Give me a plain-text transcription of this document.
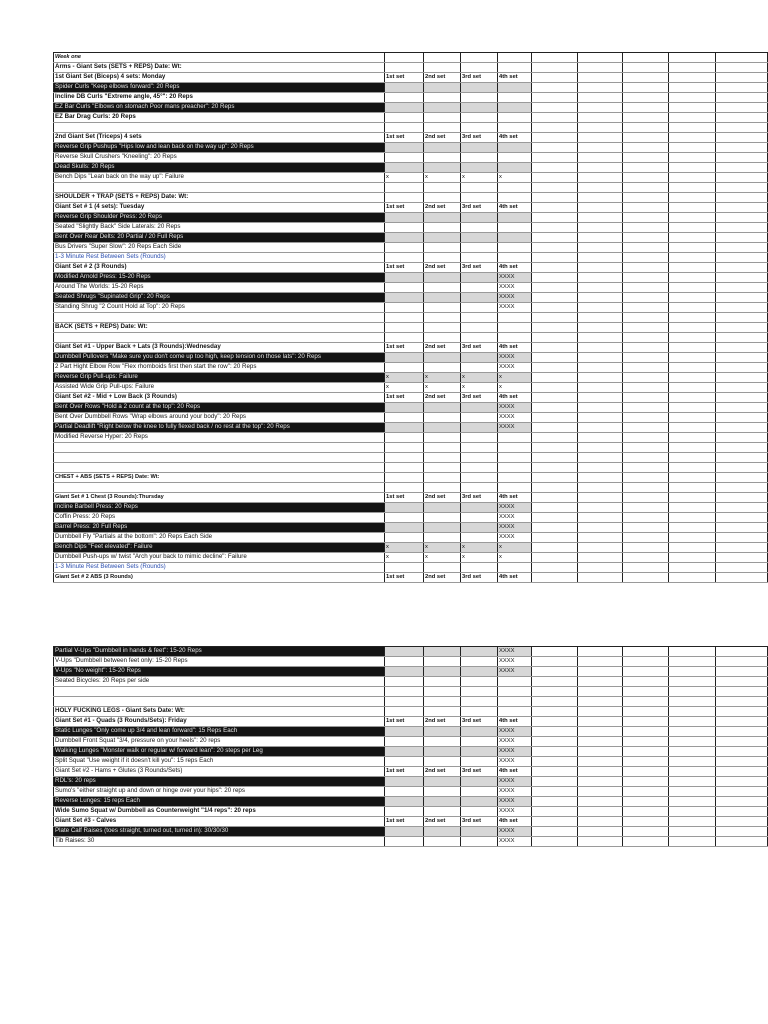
Week one									
Arms - Giant Sets (SETS + REPS) Date: Wt:									
1st Giant Set (Biceps) 4 sets: Monday	1st set	2nd set	3rd set	4th set					
Spider Curls "Keep elbows forward": 20 Reps									
Incline DB Curls "Extreme angle, 45°": 20 Reps									
EZ Bar Curls "Elbows on stomach Poor mans preacher": 20 Reps									
EZ Bar Drag Curls: 20 Reps									

2nd Giant Set (Triceps) 4 sets	1st set	2nd set	3rd set	4th set					
Reverse Grip Pushups "Hips low and lean back on the way up": 20 Reps									
Reverse Skull Crushers "Kneeling": 20 Reps									
Dead Skulls: 20 Reps									
Bench Dips "Lean back on the way up": Failure	x	x	x	x					

SHOULDER + TRAP (SETS + REPS) Date: Wt:									
Giant Set # 1 (4 sets): Tuesday	1st set	2nd set	3rd set	4th set					
Reverse Grip Shoulder Press: 20 Reps									
Seated "Slightly Back" Side Laterals: 20 Reps									
Bent Over Rear Delts: 20 Partial / 20 Full Reps									
Bus Drivers "Super Slow": 20 Reps Each Side									
1-3 Minute Rest Between Sets (Rounds)									
Giant Set # 2 (3 Rounds)	1st set	2nd set	3rd set	4th set					
Modified Arnold Press: 15-20 Reps				XXXX					
Around The Worlds: 15-20 Reps				XXXX					
Seated Shrugs "Supinated Grip": 20 Reps				XXXX					
Standing Shrug "2 Count Hold at Top": 20 Reps				XXXX					

BACK (SETS + REPS) Date: Wt:									

Giant Set #1 - Upper Back + Lats (3 Rounds):Wednesday	1st set	2nd set	3rd set	4th set					
Dumbbell Pullovers "Make sure you don't come up too high, keep tension on those lats": 20 Reps				XXXX					
2 Part Hight Elbow Row "Flex rhomboids first then start the row": 20 Reps				XXXX					
Reverse Grip Pull-ups: Failure	x	x	x	x					
Assisted Wide Grip Pull-ups: Failure	x	x	x	x					
Giant Set #2 - Mid + Low Back (3 Rounds)	1st set	2nd set	3rd set	4th set					
Bent Over Rows "Hold a 2 count at the top": 20 Reps				XXXX					
Bent Over Dumbbell Rows "Wrap elbows around your body": 20 Reps				XXXX					
Partial Deadlift "Right below the knee to fully flexed back / no rest at the top": 20 Reps				XXXX					
Modified Reverse Hyper: 20 Reps									

CHEST + ABS (SETS + REPS) Date: Wt:									

Giant Set # 1 Chest (3 Rounds):Thursday	1st set	2nd set	3rd set	4th set					
Incline Barbell Press: 20 Reps				XXXX					
Coffin Press: 20 Reps				XXXX					
Barrel Press: 20 Full Reps				XXXX					
Dumbbell Fly "Partials at the bottom": 20 Reps Each Side				XXXX					
Bench Dips "Feet elevated": Failure	x	x	x	x					
Dumbbell Push-ups w/ twist "Arch your back to mimic decline": Failure	x	x	x	x					
1-3 Minute Rest Between Sets (Rounds)									
Giant Set # 2 ABS (3 Rounds)	1st set	2nd set	3rd set	4th set					
Partial V-Ups "Dumbbell in hands & feet": 15-20 Reps				XXXX					
V-Ups "Dumbbell between feet only: 15-20 Reps				XXXX					
V-Ups "No weight": 15-20 Reps				XXXX					
Seated Bicycles: 20 Reps per side									

HOLY FUCKING LEGS - Giant Sets Date: Wt:									
Giant Set #1 - Quads (3 Rounds/Sets): Friday	1st set	2nd set	3rd set	4th set					
Static Lunges "Only come up 3/4 and lean forward": 15 Reps Each				XXXX					
Dumbbell Front Squat "3/4, pressure on your heels": 20 reps				XXXX					
Walking Lunges "Monster walk or regular w/ forward lean": 20 steps per Leg				XXXX					
Split Squat "Use weight if it doesn't kill you": 15 reps Each				XXXX					
Giant Set #2 - Hams + Glutes (3 Rounds/Sets)	1st set	2nd set	3rd set	4th set					
RDL's: 20 reps				XXXX					
Sumo's "either straight up and down or hinge over your hips": 20 reps				XXXX					
Reverse Lunges: 15 reps Each				XXXX					
Wide Sumo Squat w/ Dumbbell as Counterweight "1/4 reps": 20 reps				XXXX					
Giant Set #3 - Calves	1st set	2nd set	3rd set	4th set					
Plate Calf Raises (toes straight, turned out, turned in): 30/30/30				XXXX					
Tib Raises: 30				XXXX					
